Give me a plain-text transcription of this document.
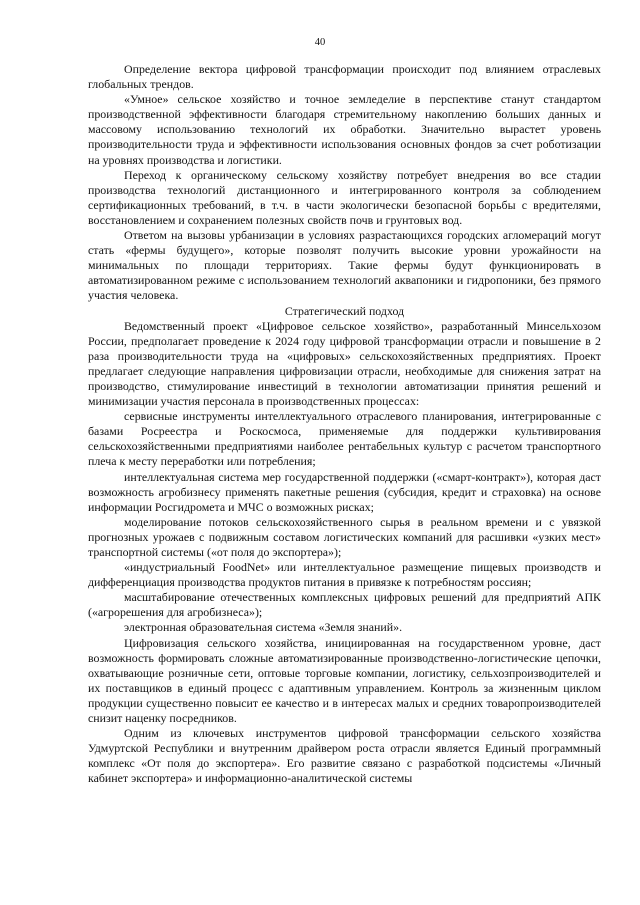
40

Определение вектора цифровой трансформации происходит под влиянием отраслевых глобальных трендов.

«Умное» сельское хозяйство и точное земледелие в перспективе станут стандартом производственной эффективности благодаря стремительному накоплению больших данных и массовому использованию технологий их обработки. Значительно вырастет уровень производительности труда и эффективности использования основных фондов за счет роботизации на уровнях производства и логистики.

Переход к органическому сельскому хозяйству потребует внедрения во все стадии производства технологий дистанционного и интегрированного контроля за соблюдением сертификационных требований, в т.ч. в части экологически безопасной борьбы с вредителями, восстановлением и сохранением полезных свойств почв и грунтовых вод.

Ответом на вызовы урбанизации в условиях разрастающихся городских агломераций могут стать «фермы будущего», которые позволят получить высокие уровни урожайности на минимальных по площади территориях. Такие фермы будут функционировать в автоматизированном режиме с использованием технологий аквапоники и гидропоники, без прямого участия человека.

Стратегический подход

Ведомственный проект «Цифровое сельское хозяйство», разработанный Минсельхозом России, предполагает проведение к 2024 году цифровой трансформации отрасли и повышение в 2 раза производительности труда на «цифровых» сельскохозяйственных предприятиях. Проект предлагает следующие направления цифровизации отрасли, необходимые для снижения затрат на производство, стимулирование инвестиций в технологии автоматизации принятия решений и минимизации участия персонала в производственных процессах:

сервисные инструменты интеллектуального отраслевого планирования, интегрированные с базами Росреестра и Роскосмоса, применяемые для поддержки культивирования сельскохозяйственными предприятиями наиболее рентабельных культур с расчетом транспортного плеча к месту переработки или потребления;

интеллектуальная система мер государственной поддержки («смарт-контракт»), которая даст возможность агробизнесу применять пакетные решения (субсидия, кредит и страховка) на основе информации Росгидромета и МЧС о возможных рисках;

моделирование потоков сельскохозяйственного сырья в реальном времени и с увязкой прогнозных урожаев с подвижным составом логистических компаний для расшивки «узких мест» транспортной системы («от поля до экспортера»);

«индустриальный FoodNet» или интеллектуальное размещение пищевых производств и дифференциация производства продуктов питания в привязке к потребностям россиян;

масштабирование отечественных комплексных цифровых решений для предприятий АПК («агрорешения для агробизнеса»);

электронная образовательная система «Земля знаний».

Цифровизация сельского хозяйства, инициированная на государственном уровне, даст возможность формировать сложные автоматизированные производственно-логистические цепочки, охватывающие розничные сети, оптовые торговые компании, логистику, сельхозпроизводителей и их поставщиков в единый процесс с адаптивным управлением. Контроль за жизненным циклом продукции существенно повысит ее качество и в интересах малых и средних товаропроизводителей снизит наценку посредников.

Одним из ключевых инструментов цифровой трансформации сельского хозяйства Удмуртской Республики и внутренним драйвером роста отрасли является Единый программный комплекс «От поля до экспортера». Его развитие связано с разработкой подсистемы «Личный кабинет экспортера» и информационно-аналитической системы
